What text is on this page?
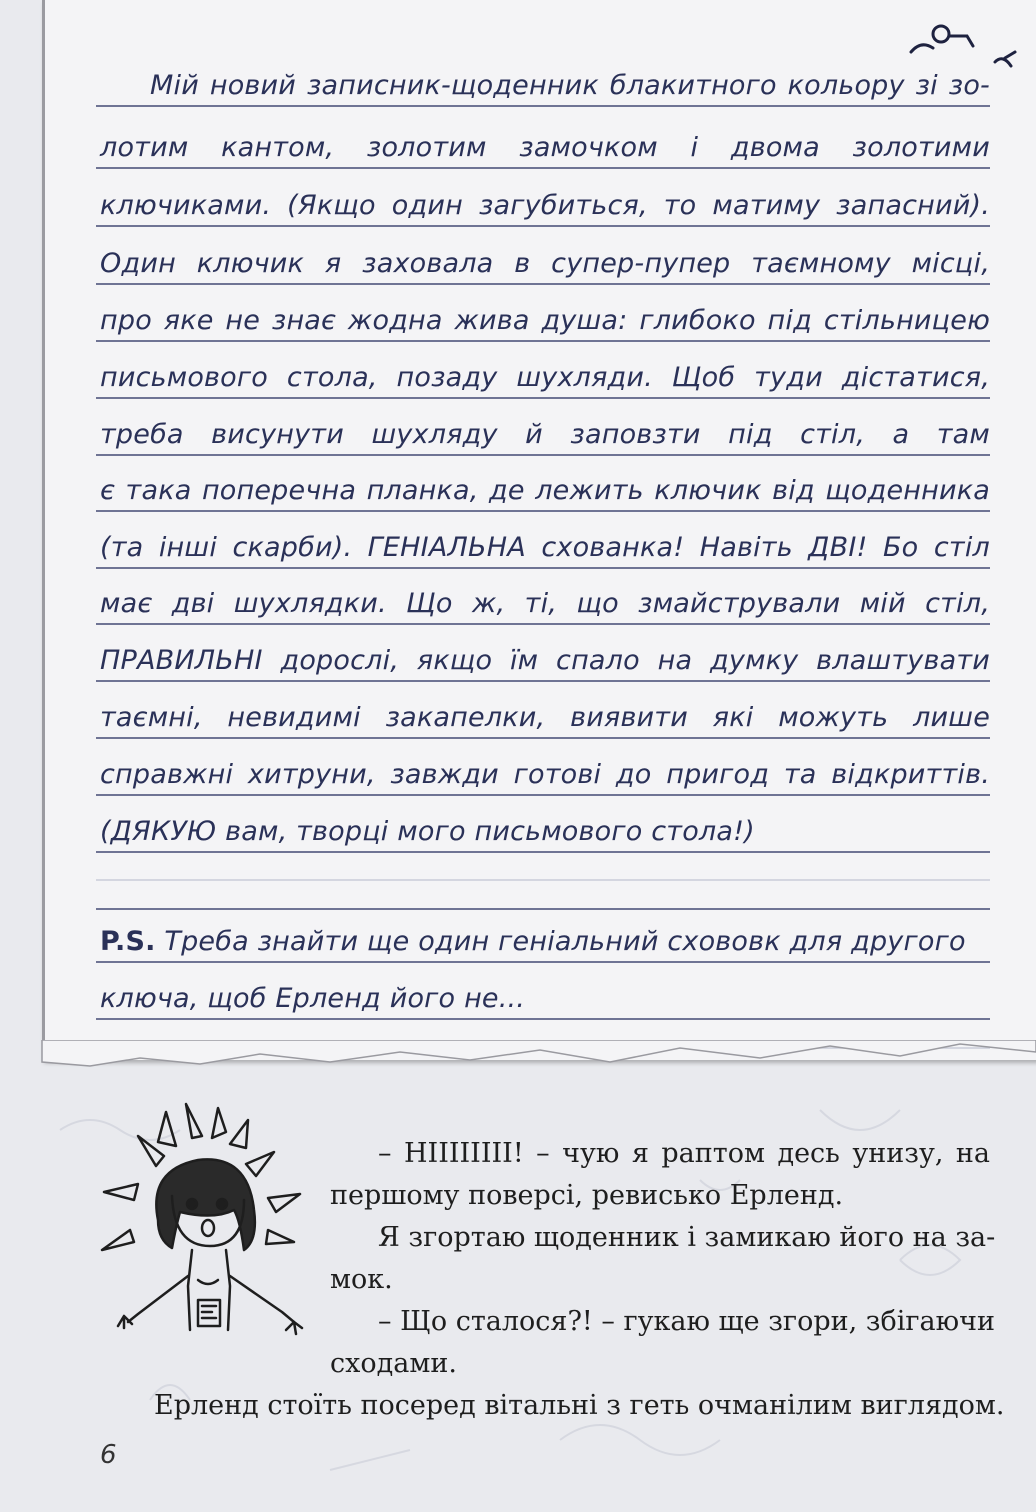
Мій новий записник-щоденник блакитного кольору зі зо-
лотим кантом, золотим замочком і двома золотими
ключиками. (Якщо один загубиться, то матиму запасний).
Один ключик я заховала в супер-пупер таємному місці,
про яке не знає жодна жива душа: глибоко під стільницею
письмового стола, позаду шухляди. Щоб туди дістатися,
треба висунути шухляду й заповзти під стіл, а там
є така поперечна планка, де лежить ключик від щоденника
(та інші скарби). ГЕНІАЛЬНА схованка! Навіть ДВІ! Бо стіл
має дві шухлядки. Що ж, ті, що змайстрували мій стіл,
ПРАВИЛЬНІ дорослі, якщо їм спало на думку влаштувати
таємні, невидимі закапелки, виявити які можуть лише
справжні хитруни, завжди готові до пригод та відкриттів.
(ДЯКУЮ вам, творці мого письмового стола!)
P.S. Треба знайти ще один геніальний схововк для другого
ключа, щоб Ерленд його не...
– НІІІІІІІІ! – чую я раптом десь унизу, на
першому поверсі, ревисько Ерленд.
Я згортаю щоденник і замикаю його на за-
мок.
– Що сталося?! – гукаю ще згори, збігаючи
сходами.
Ерленд стоїть посеред вітальні з геть очманілим виглядом.
6
